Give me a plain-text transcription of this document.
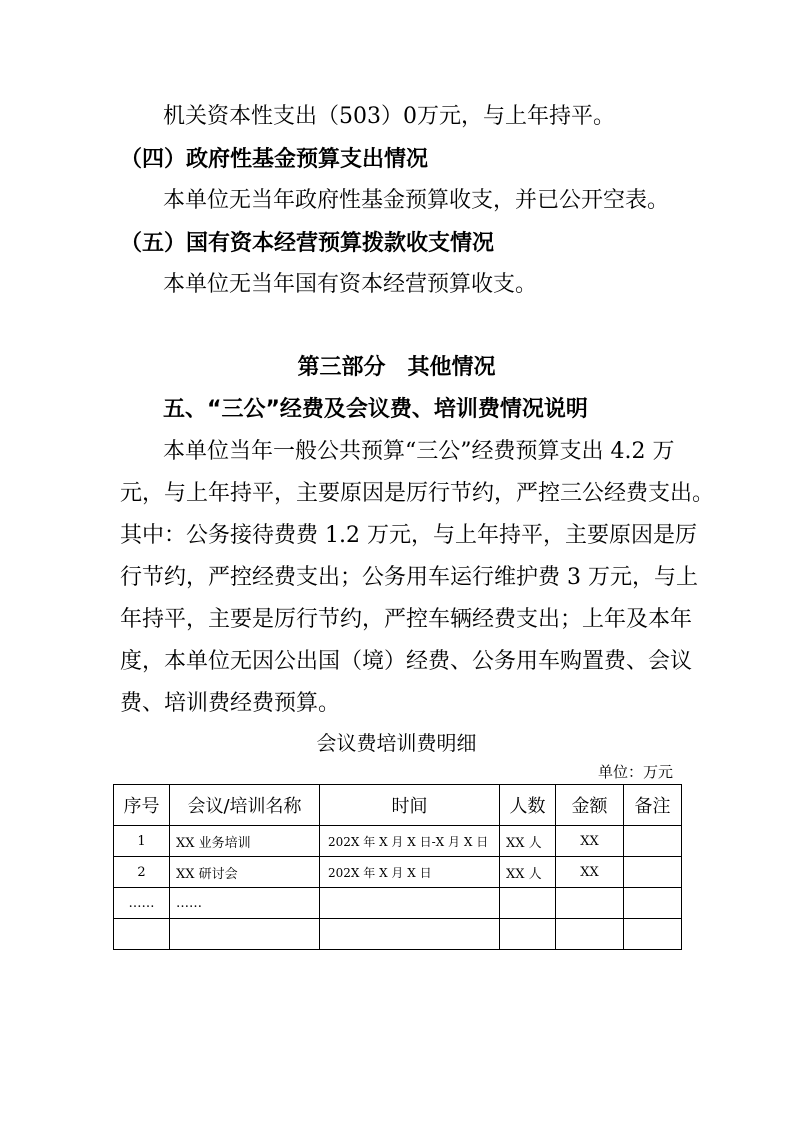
机关资本性支出（503）0万元，与上年持平。
（四）政府性基金预算支出情况
本单位无当年政府性基金预算收支，并已公开空表。
（五）国有资本经营预算拨款收支情况
本单位无当年国有资本经营预算收支。
第三部分　其他情况
五、“三公”经费及会议费、培训费情况说明
本单位当年一般公共预算“三公”经费预算支出 4.2 万
元，与上年持平，主要原因是厉行节约，严控三公经费支出。
其中：公务接待费费 1.2 万元，与上年持平，主要原因是厉
行节约，严控经费支出；公务用车运行维护费 3 万元，与上
年持平，主要是厉行节约，严控车辆经费支出；上年及本年
度，本单位无因公出国（境）经费、公务用车购置费、会议
费、培训费经费预算。
会议费培训费明细
单位：万元
序号	会议/培训名称	时间	人数	金额	备注
1	XX 业务培训	202X 年 X 月 X 日-X 月 X 日	XX 人	XX	
2	XX 研讨会	202X 年 X 月 X 日	XX 人	XX	
……	……				
